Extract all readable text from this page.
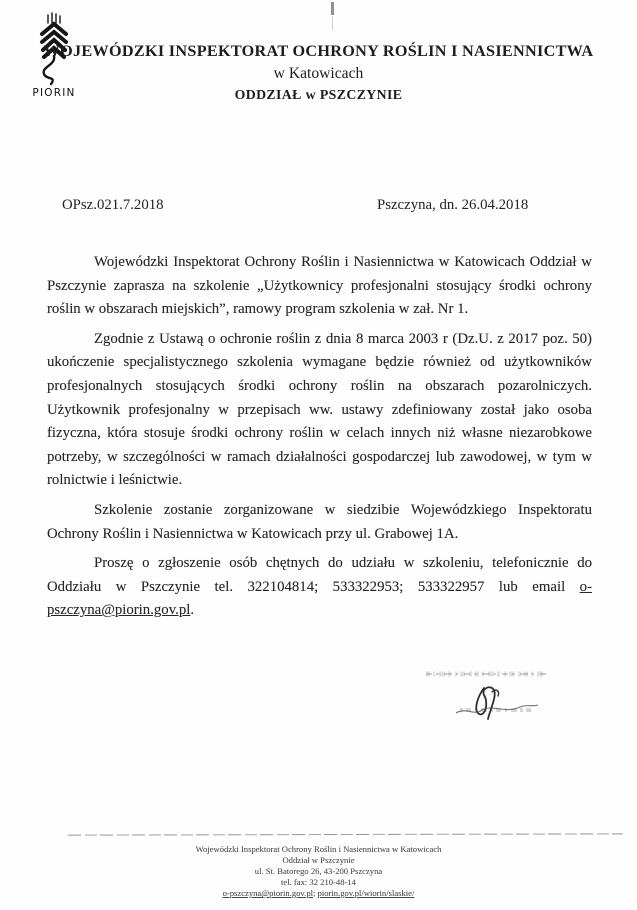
PIORIN
WOJEWÓDZKI INSPEKTORAT OCHRONY ROŚLIN I NASIENNICTWA
w Katowicach
ODDZIAŁ w PSZCZYNIE
OPsz.021.7.2018	Pszczyna, dn. 26.04.2018

Wojewódzki Inspektorat Ochrony Roślin i Nasiennictwa w Katowicach Oddział w Pszczynie zaprasza na szkolenie „Użytkownicy profesjonalni stosujący środki ochrony roślin w obszarach miejskich”, ramowy program szkolenia w zał. Nr 1.

Zgodnie z Ustawą o ochronie roślin z dnia 8 marca 2003 r (Dz.U. z 2017 poz. 50) ukończenie specjalistycznego szkolenia wymagane będzie również od użytkowników profesjonalnych stosujących środki ochrony roślin na obszarach pozarolniczych. Użytkownik profesjonalny w przepisach ww. ustawy zdefiniowany został jako osoba fizyczna, która stosuje środki ochrony roślin w celach innych niż własne niezarobkowe potrzeby, w szczególności w ramach działalności gospodarczej lub zawodowej, w tym w rolnictwie i leśnictwie.

Szkolenie zostanie zorganizowane w siedzibie Wojewódzkiego Inspektoratu Ochrony Roślin i Nasiennictwa w Katowicach przy ul. Grabowej 1A.

Proszę o zgłoszenie osób chętnych do udziału w szkoleniu, telefonicznie do Oddziału w Pszczynie tel. 322104814; 533322953; 533322957 lub email o-pszczyna@piorin.gov.pl.

Wojewódzki Inspektorat Ochrony Roślin i Nasiennictwa w Katowicach
Oddział w Pszczynie
ul. St. Batorego 26, 43-200 Pszczyna
tel. fax: 32 210-48-14
o-pszczyna@piorin.gov.pl; piorin.gov.pl/wiorin/slaskie/
